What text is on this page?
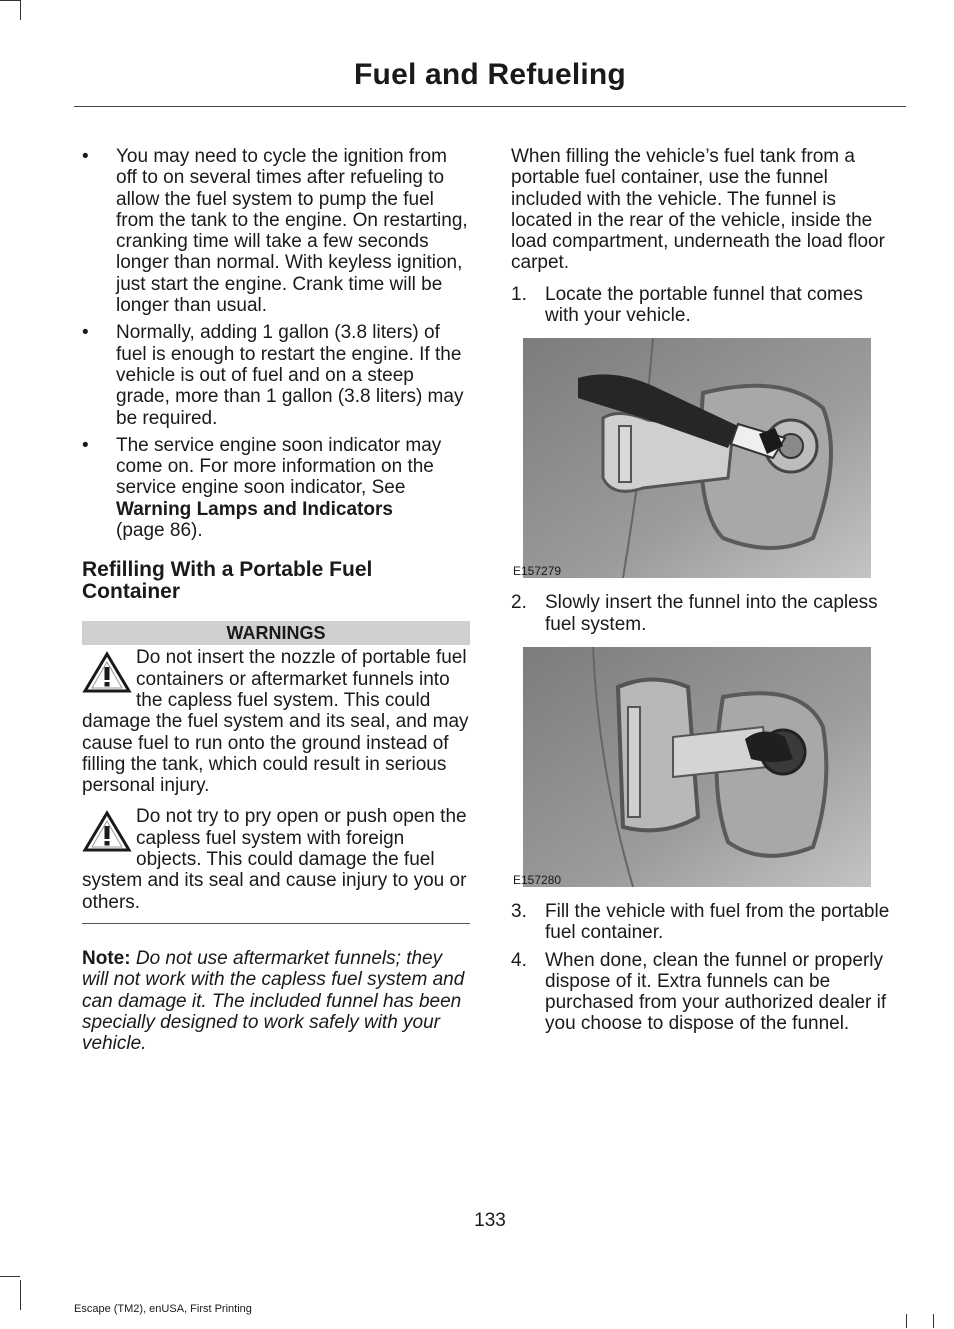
Fuel and Refueling
•	You may need to cycle the ignition from off to on several times after refueling to allow the fuel system to pump the fuel from the tank to the engine. On restarting, cranking time will take a few seconds longer than normal. With keyless ignition, just start the engine. Crank time will be longer than usual.
•	Normally, adding 1 gallon (3.8 liters) of fuel is enough to restart the engine. If the vehicle is out of fuel and on a steep grade, more than 1 gallon (3.8 liters) may be required.
•	The service engine soon indicator may come on. For more information on the service engine soon indicator, See
Warning Lamps and Indicators
(page 86).
Refilling With a Portable Fuel Container
WARNINGS
Do not insert the nozzle of portable fuel containers or aftermarket funnels into the capless fuel system. This could damage the fuel system and its seal, and may cause fuel to run onto the ground instead of filling the tank, which could result in serious personal injury.
Do not try to pry open or push open the capless fuel system with foreign objects. This could damage the fuel system and its seal and cause injury to you or others.
Note: Do not use aftermarket funnels; they will not work with the capless fuel system and can damage it. The included funnel has been specially designed to work safely with your vehicle.
When filling the vehicle’s fuel tank from a portable fuel container, use the funnel included with the vehicle. The funnel is located in the rear of the vehicle, inside the load compartment, underneath the load floor carpet.
1. Locate the portable funnel that comes with your vehicle.
E157279
2. Slowly insert the funnel into the capless fuel system.
E157280
3. Fill the vehicle with fuel from the portable fuel container.
4. When done, clean the funnel or properly dispose of it. Extra funnels can be purchased from your authorized dealer if you choose to dispose of the funnel.
133
Escape (TM2), enUSA, First Printing
